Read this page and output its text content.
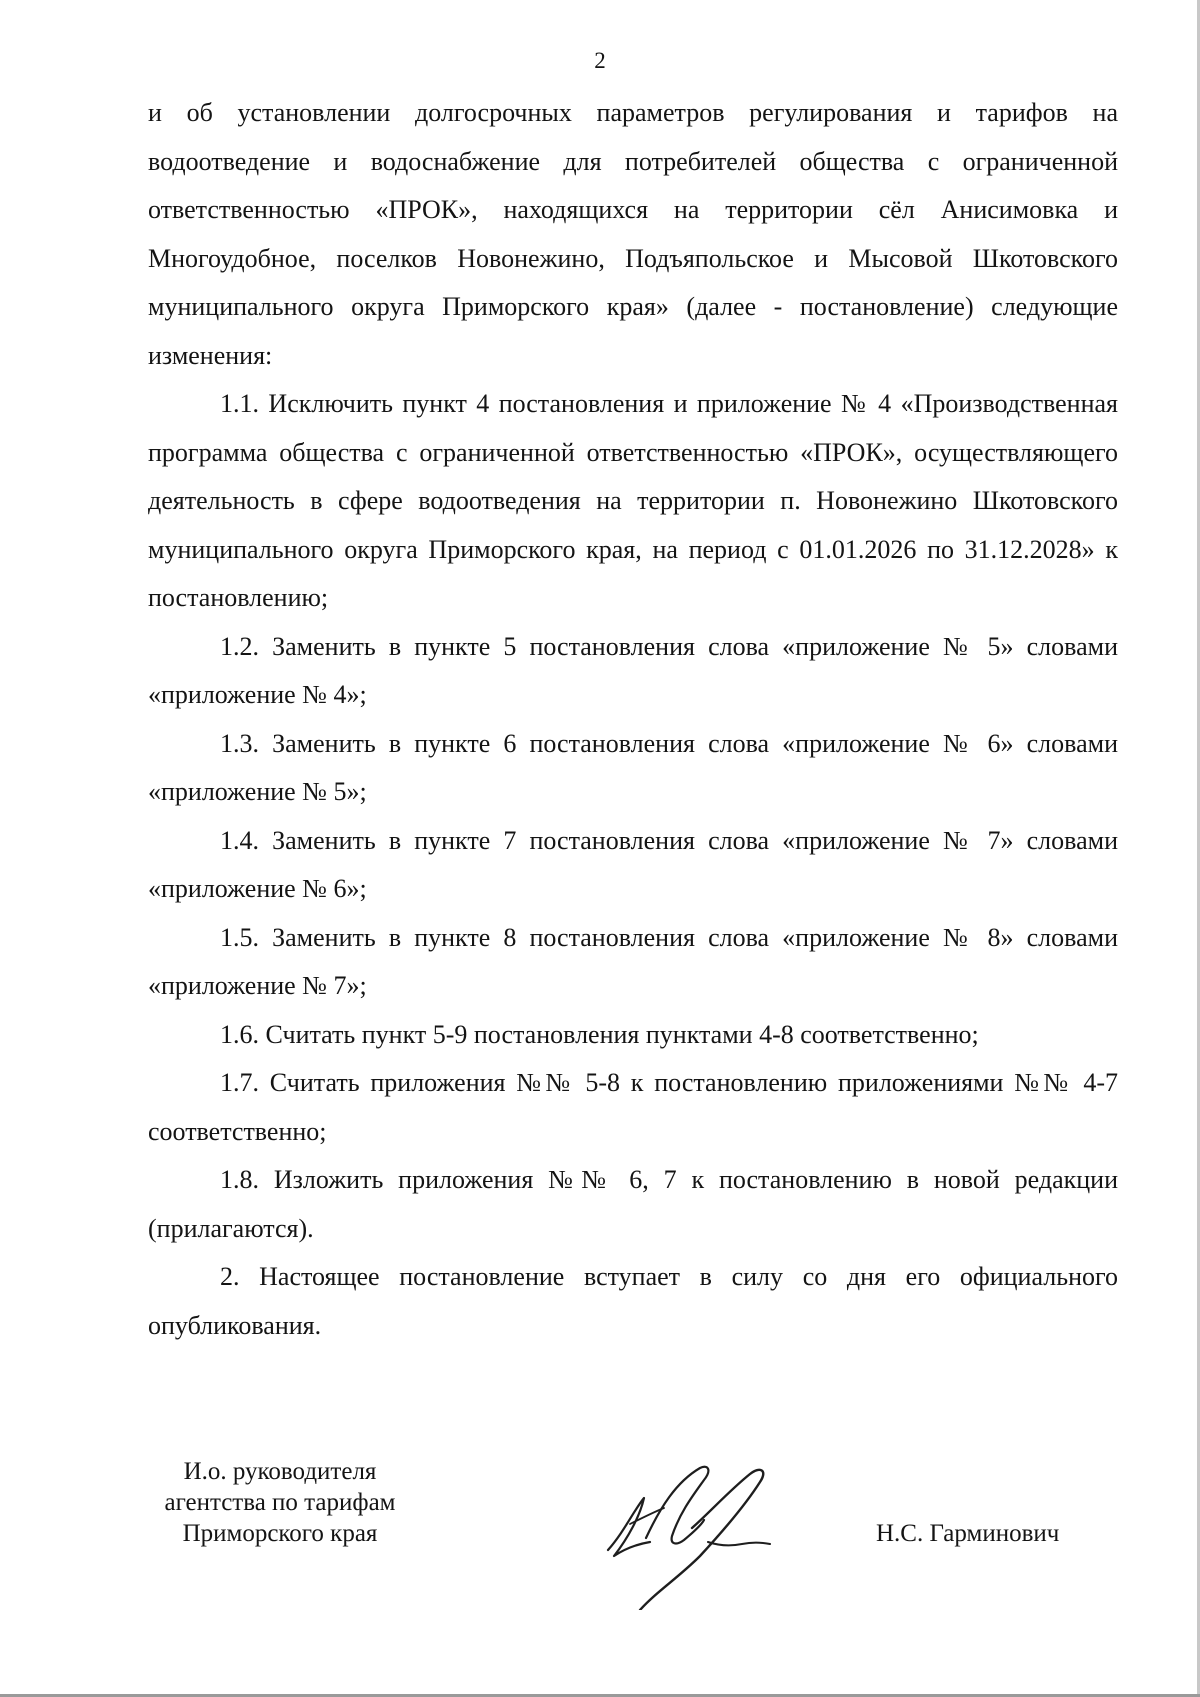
2

и об установлении долгосрочных параметров регулирования и тарифов на водоотведение и водоснабжение для потребителей общества с ограниченной ответственностью «ПРОК», находящихся на территории сёл Анисимовка и Многоудобное, поселков Новонежино, Подъяпольское и Мысовой Шкотовского муниципального округа Приморского края» (далее - постановление) следующие изменения:

1.1. Исключить пункт 4 постановления и приложение № 4 «Производственная программа общества с ограниченной ответственностью «ПРОК», осуществляющего деятельность в сфере водоотведения на территории п. Новонежино Шкотовского муниципального округа Приморского края, на период с 01.01.2026 по 31.12.2028» к постановлению;

1.2. Заменить в пункте 5 постановления слова «приложение № 5» словами «приложение № 4»;

1.3. Заменить в пункте 6 постановления слова «приложение № 6» словами «приложение № 5»;

1.4. Заменить в пункте 7 постановления слова «приложение № 7» словами «приложение № 6»;

1.5. Заменить в пункте 8 постановления слова «приложение № 8» словами «приложение № 7»;

1.6. Считать пункт 5-9 постановления пунктами 4-8 соответственно;

1.7. Считать приложения №№ 5-8 к постановлению приложениями №№ 4-7 соответственно;

1.8. Изложить приложения №№ 6, 7 к постановлению в новой редакции (прилагаются).

2. Настоящее постановление вступает в силу со дня его официального опубликования.

И.о. руководителя
агентства по тарифам
Приморского края	Н.С. Гарминович
